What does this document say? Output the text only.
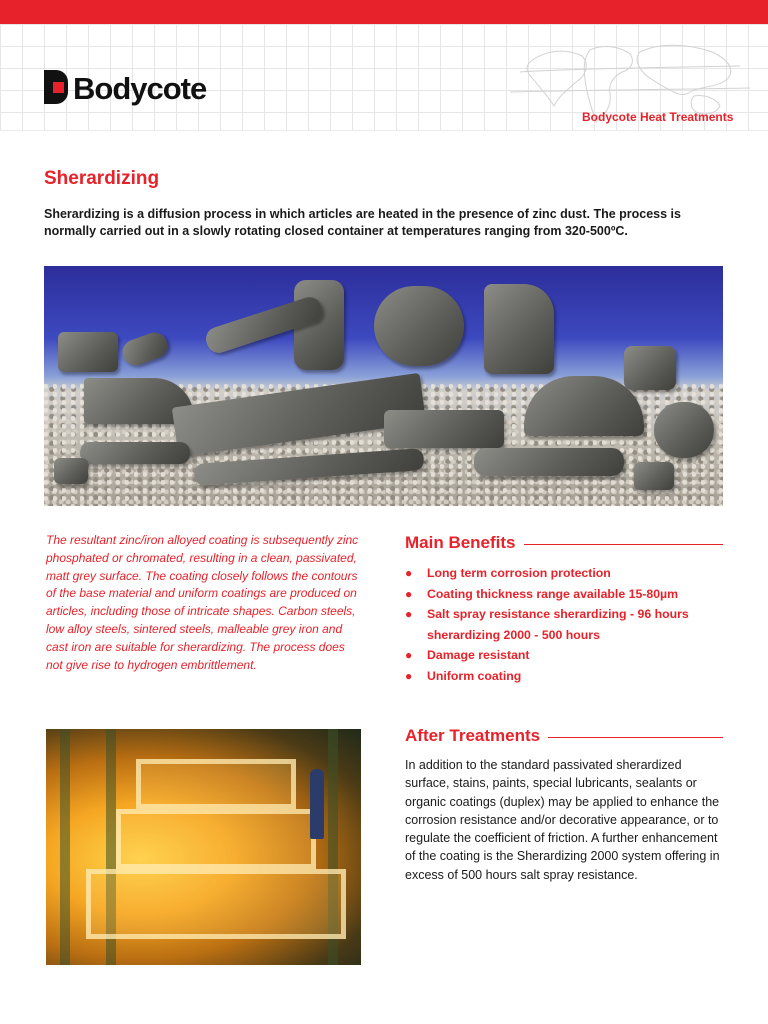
Bodycote
Bodycote Heat Treatments
Sherardizing

Sherardizing is a diffusion process in which articles are heated in the presence of zinc dust. The process is normally carried out in a slowly rotating closed container at temperatures ranging from 320-500ºC.

The resultant zinc/iron alloyed coating is subsequently zinc phosphated or chromated, resulting in a clean, passivated, matt grey surface. The coating closely follows the contours of the base material and uniform coatings are produced on articles, including those of intricate shapes. Carbon steels, low alloy steels, sintered steels, malleable grey iron and cast iron are suitable for sherardizing. The process does not give rise to hydrogen embrittlement.

Main Benefits
●	Long term corrosion protection
●	Coating thickness range available 15-80µm
●	Salt spray resistance sherardizing - 96 hours
sherardizing 2000 - 500 hours
●	Damage resistant
●	Uniform coating
After Treatments

In addition to the standard passivated sherardized surface, stains, paints, special lubricants, sealants or organic coatings (duplex) may be applied to enhance the corrosion resistance and/or decorative appearance, or to regulate the coefficient of friction. A further enhancement of the coating is the Sherardizing 2000 system offering in excess of 500 hours salt spray resistance.
